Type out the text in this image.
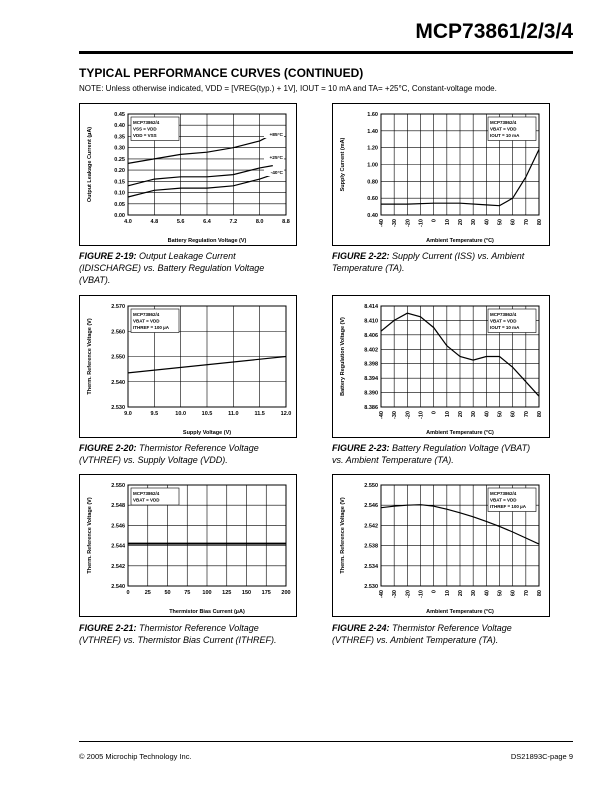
MCP73861/2/3/4
TYPICAL PERFORMANCE CURVES (CONTINUED)
NOTE: Unless otherwise indicated, VDD = [VREG(typ.) + 1V], IOUT = 10 mA and TA= +25°C, Constant-voltage mode.
4.0	4.8	5.6	6.4	7.2	8.0	8.8
0.00
0.05
0.10
0.15
0.20
0.25
0.30
0.35
0.40
0.45
Battery Regulation Voltage (V)
Output Leakage Current (µA)
MCP73862/4
VSS = VDD
VDD = VSS	+85°C
+25°C
-40°C
9.0	9.5	10.0	10.5	11.0	11.5	12.0
2.530
2.540
2.550
2.560
2.570
Supply Voltage (V)
Therm. Reference Voltage (V)
MCP73862/4
VBAT = VDD
ITHREF = 100 µA
0	25 50 75 100 125 150 175 200
2.540
2.542
2.544
2.546
2.548
2.550
Thermistor Bias Current (µA)
Therm. Reference Voltage (V)
MCP73862/4
VBAT = VDD
-40 -30 -20 -10 0 10 20 30 40 50 60 70 80
0.40
0.60
0.80
1.00
1.20
1.40
1.60
Ambient Temperature (°C)
Supply Current (mA)
MCP73862/4
VBAT = VDD
IOUT = 10 mA
-40 -30 -20 -10 0 10 20 30 40 50 60 70 80
8.386
8.390
8.394
8.398
8.402
8.406
8.410
8.414
Ambient Temperature (°C)
Battery Regulation Voltage (V)
MCP73862/4
VBAT = VDD
IOUT = 10 mA
-40 -30 -20 -10 0 10 20 30 40 50 60 70 80
2.530
2.534
2.538
2.542
2.546
2.550
Ambient Temperature (°C)
Therm. Reference Voltage (V)
MCP73862/4
VBAT = VDD
ITHREF = 100 µA
FIGURE 2-19: Output Leakage Current (IDISCHARGE) vs. Battery Regulation Voltage (VBAT).
FIGURE 2-20: Thermistor Reference Voltage (VTHREF) vs. Supply Voltage (VDD).
FIGURE 2-21: Thermistor Reference Voltage (VTHREF) vs. Thermistor Bias Current (ITHREF).
FIGURE 2-22: Supply Current (ISS) vs. Ambient Temperature (TA).
FIGURE 2-23: Battery Regulation Voltage (VBAT) vs. Ambient Temperature (TA).
FIGURE 2-24: Thermistor Reference Voltage (VTHREF) vs. Ambient Temperature (TA).
© 2005 Microchip Technology Inc.	DS21893C-page 9
